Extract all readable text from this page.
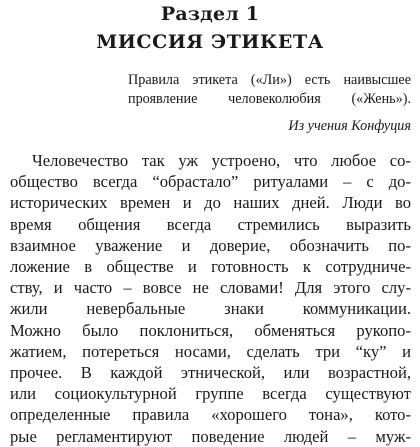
Раздел 1
МИССИЯ ЭТИКЕТА
Правила этикета («Ли») есть наивысшее
проявление человеколюбия («Жень»).
Из учения Конфуция
Человечество так уж устроено, что любое со-
общество всегда “обрастало” ритуалами – с до-
исторических времен и до наших дней. Люди во
время общения всегда стремились выразить
взаимное уважение и доверие, обозначить по-
ложение в обществе и готовность к сотрудниче-
ству, и часто – вовсе не словами! Для этого слу-
жили невербальные знаки коммуникации.
Можно было поклониться, обменяться рукопо-
жатием, потереться носами, сделать три “ку” и
прочее. В каждой этнической, или возрастной,
или социокультурной группе всегда существуют
определенные правила «хорошего тона», кото-
рые регламентируют поведение людей – муж-
